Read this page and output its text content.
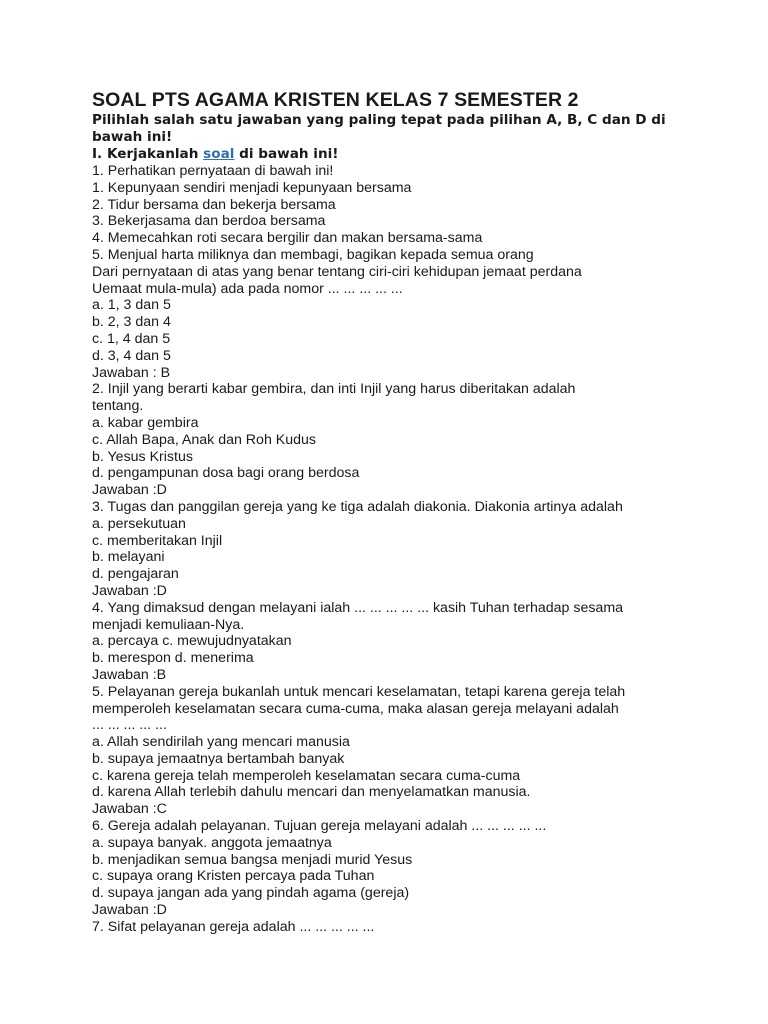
SOAL PTS AGAMA KRISTEN KELAS 7 SEMESTER 2

Pilihlah salah satu jawaban yang paling tepat pada pilihan A, B, C dan D di bawah ini!

I. Kerjakanlah soal di bawah ini!

1. Perhatikan pernyataan di bawah ini!

1. Kepunyaan sendiri menjadi kepunyaan bersama

2. Tidur bersama dan bekerja bersama

3. Bekerjasama dan berdoa bersama

4. Memecahkan roti secara bergilir dan makan bersama-sama

5. Menjual harta miliknya dan membagi, bagikan kepada semua orang

Dari pernyataan di atas yang benar tentang ciri-ciri kehidupan jemaat perdana

Uemaat mula-mula) ada pada nomor ... ... ... ... ...

a. 1, 3 dan 5

b. 2, 3 dan 4

c. 1, 4 dan 5

d. 3, 4 dan 5

Jawaban : B

2. Injil yang berarti kabar gembira, dan inti Injil yang harus diberitakan adalah

tentang.

a. kabar gembira

c. Allah Bapa, Anak dan Roh Kudus

b. Yesus Kristus

d. pengampunan dosa bagi orang berdosa

Jawaban :D

3. Tugas dan panggilan gereja yang ke tiga adalah diakonia. Diakonia artinya adalah

a. persekutuan

c. memberitakan Injil

b. melayani

d. pengajaran

Jawaban :D

4. Yang dimaksud dengan melayani ialah ... ... ... ... ... kasih Tuhan terhadap sesama

menjadi kemuliaan-Nya.

a. percaya c. mewujudnyatakan

b. merespon d. menerima

Jawaban :B

5. Pelayanan gereja bukanlah untuk mencari keselamatan, tetapi karena gereja telah

memperoleh keselamatan secara cuma-cuma, maka alasan gereja melayani adalah

... ... ... ... ...

a. Allah sendirilah yang mencari manusia

b. supaya jemaatnya bertambah banyak

c. karena gereja telah memperoleh keselamatan secara cuma-cuma

d. karena Allah terlebih dahulu mencari dan menyelamatkan manusia.

Jawaban :C

6. Gereja adalah pelayanan. Tujuan gereja melayani adalah ... ... ... ... ...

a. supaya banyak. anggota jemaatnya

b. menjadikan semua bangsa menjadi murid Yesus

c. supaya orang Kristen percaya pada Tuhan

d. supaya jangan ada yang pindah agama (gereja)

Jawaban :D

7. Sifat pelayanan gereja adalah ... ... ... ... ...
